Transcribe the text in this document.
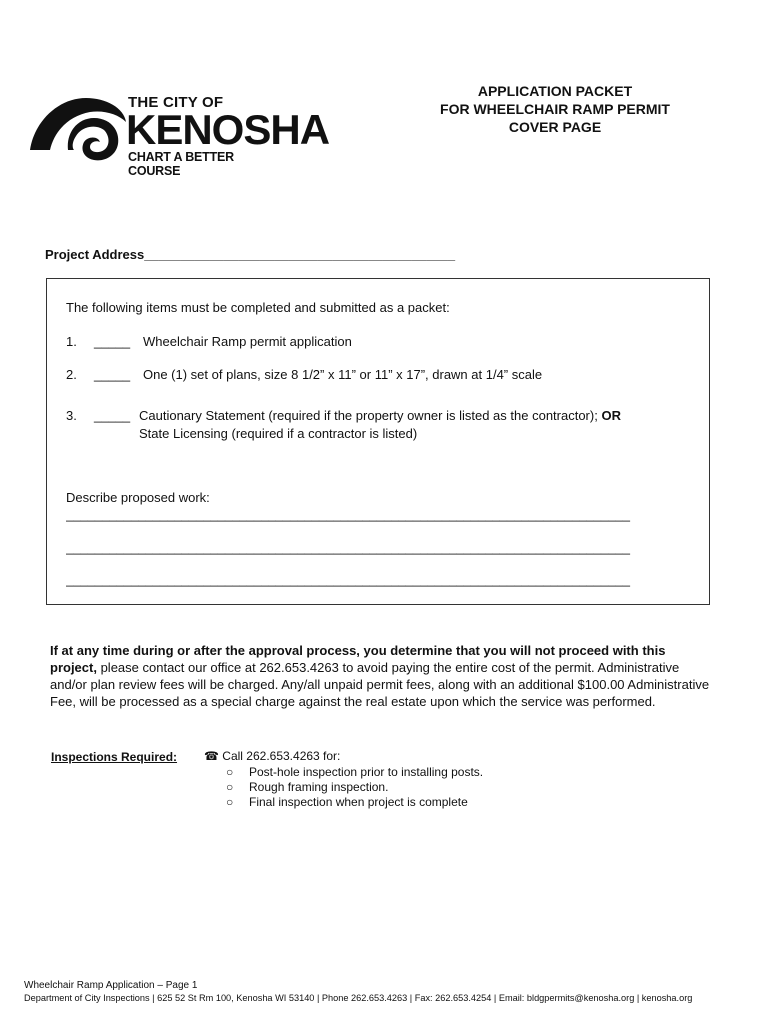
THE CITY OF
KENOSHA
CHART A BETTER COURSE
APPLICATION PACKET
FOR WHEELCHAIR RAMP PERMIT
COVER PAGE
Project Address___________________________________________
The following items must be completed and submitted as a packet:
1. _____ Wheelchair Ramp permit application
2. _____ One (1) set of plans, size 8 1/2” x 11” or 11” x 17”, drawn at 1/4” scale
3. _____ Cautionary Statement (required if the property owner is listed as the contractor); OR
State Licensing (required if a contractor is listed)
Describe proposed work:
______________________________________________________________________________
______________________________________________________________________________
______________________________________________________________________________
If at any time during or after the approval process, you determine that you will not proceed with this project, please contact our office at 262.653.4263 to avoid paying the entire cost of the permit. Administrative and/or plan review fees will be charged. Any/all unpaid permit fees, along with an additional $100.00 Administrative Fee, will be processed as a special charge against the real estate upon which the service was performed.
Inspections Required: ☎ Call 262.653.4263 for:
○ Post-hole inspection prior to installing posts.
○ Rough framing inspection.
○ Final inspection when project is complete
Wheelchair Ramp Application – Page 1
Department of City Inspections | 625 52 St Rm 100, Kenosha WI 53140 | Phone 262.653.4263 | Fax: 262.653.4254 | Email: bldgpermits@kenosha.org | kenosha.org
